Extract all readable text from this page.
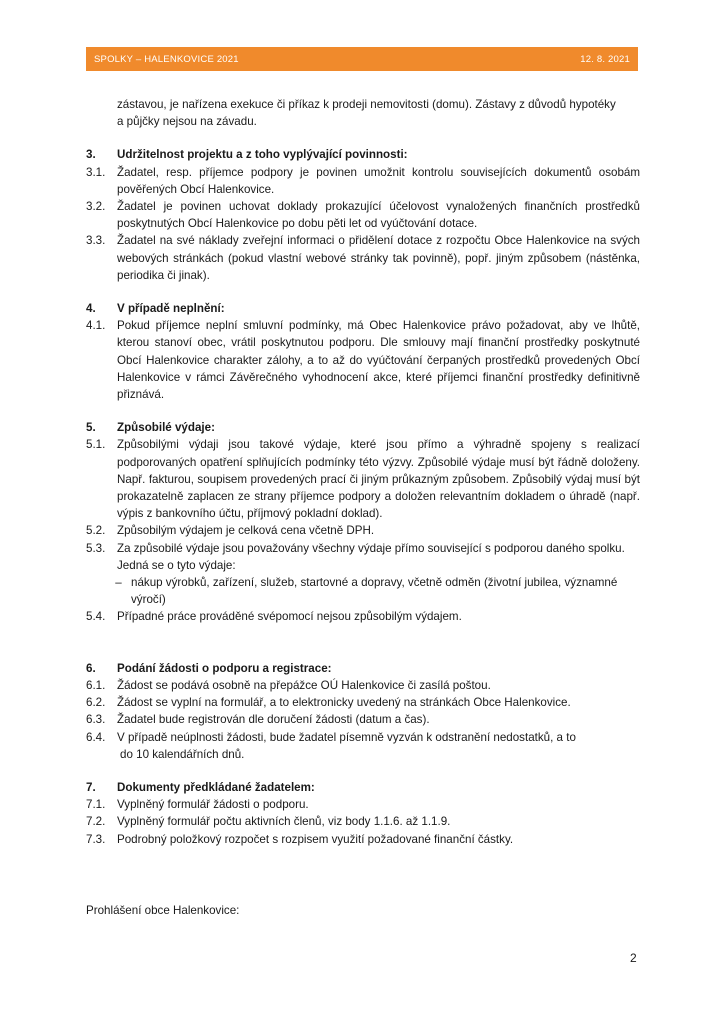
SPOLKY – HALENKOVICE 2021	12. 8. 2021

zástavou, je nařízena exekuce či příkaz k prodeji nemovitosti (domu). Zástavy z důvodů hypotéky

a půjčky nejsou na závadu.

3.	Udržitelnost projektu a z toho vyplývající povinnosti:
3.1.	Žadatel, resp. příjemce podpory je povinen umožnit kontrolu souvisejících dokumentů osobám pověřených Obcí Halenkovice.
3.2.	Žadatel je povinen uchovat doklady prokazující účelovost vynaložených finančních prostředků poskytnutých Obcí Halenkovice po dobu pěti let od vyúčtování dotace.
3.3.	Žadatel na své náklady zveřejní informaci o přidělení dotace z rozpočtu Obce Halenkovice na svých webových stránkách (pokud vlastní webové stránky tak povinně), popř. jiným způsobem (nástěnka, periodika či jinak).
4.	V případě neplnění:
4.1.	Pokud příjemce neplní smluvní podmínky, má Obec Halenkovice právo požadovat, aby ve lhůtě, kterou stanoví obec, vrátil poskytnutou podporu. Dle smlouvy mají finanční prostředky poskytnuté Obcí Halenkovice charakter zálohy, a to až do vyúčtování čerpaných prostředků provedených Obcí Halenkovice v rámci Závěrečného vyhodnocení akce, které příjemci finanční prostředky definitivně přiznává.
5.	Způsobilé výdaje:
5.1.	Způsobilými výdaji jsou takové výdaje, které jsou přímo a výhradně spojeny s realizací podporovaných opatření splňujících podmínky této výzvy. Způsobilé výdaje musí být řádně doloženy. Např. fakturou, soupisem provedených prací či jiným průkazným způsobem. Způsobilý výdaj musí být prokazatelně zaplacen ze strany příjemce podpory a doložen relevantním dokladem o úhradě (např. výpis z bankovního účtu, příjmový pokladní doklad).
5.2.	Způsobilým výdajem je celková cena včetně DPH.
5.3.	Za způsobilé výdaje jsou považovány všechny výdaje přímo související s podporou daného spolku.
Jedná se o tyto výdaje:
– nákup výrobků, zařízení, služeb, startovné a dopravy, včetně odměn (životní jubilea, významné výročí)
5.4.	Případné práce prováděné svépomocí nejsou způsobilým výdajem.
6.	Podání žádosti o podporu a registrace:
6.1.	Žádost se podává osobně na přepážce OÚ Halenkovice či zasílá poštou.
6.2.	Žádost se vyplní na formulář, a to elektronicky uvedený na stránkách Obce Halenkovice.
6.3.	Žadatel bude registrován dle doručení žádosti (datum a čas).
6.4.	V případě neúplnosti žádosti, bude žadatel písemně vyzván k odstranění nedostatků, a to
do 10 kalendářních dnů.
7.	Dokumenty předkládané žadatelem:
7.1.	Vyplněný formulář žádosti o podporu.
7.2.	Vyplněný formulář počtu aktivních členů, viz body 1.1.6. až 1.1.9.
7.3.	Podrobný položkový rozpočet s rozpisem využití požadované finanční částky.
Prohlášení obce Halenkovice:
2
